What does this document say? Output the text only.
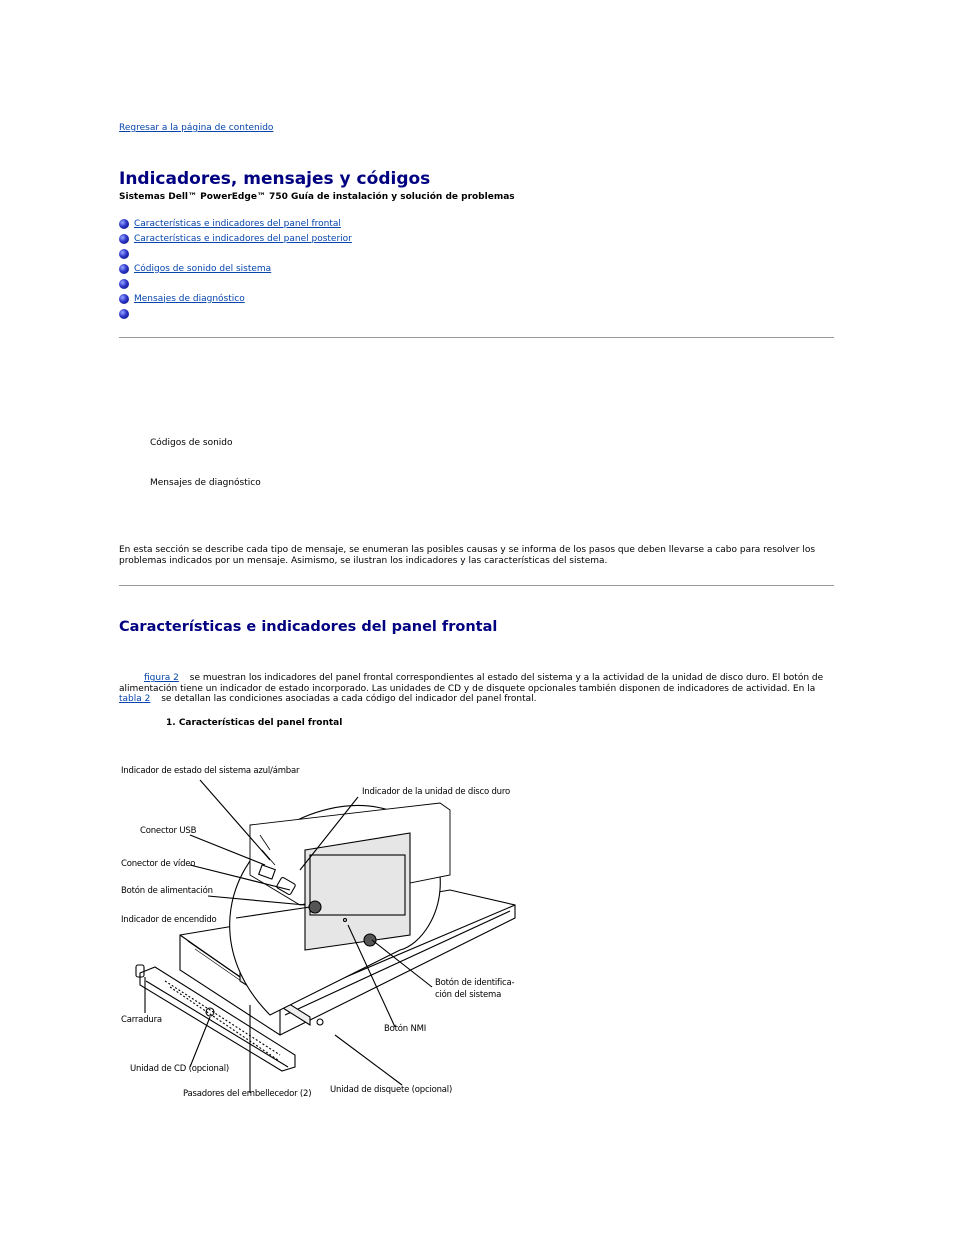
Regresar a la página de contenido
Indicadores, mensajes y códigos
Sistemas Dell™ PowerEdge™ 750 Guía de instalación y solución de problemas
Características e indicadores del panel frontal
Características e indicadores del panel posterior
Códigos de sonido del sistema
Mensajes de diagnóstico
Códigos de sonido
Mensajes de diagnóstico

En esta sección se describe cada tipo de mensaje, se enumeran las posibles causas y se informa de los pasos que deben llevarse a cabo para resolver los problemas indicados por un mensaje. Asimismo, se ilustran los indicadores y las características del sistema.

Características e indicadores del panel frontal

figura 2 se muestran los indicadores del panel frontal correspondientes al estado del sistema y a la actividad de la unidad de disco duro. El botón de alimentación tiene un indicador de estado incorporado. Las unidades de CD y de disquete opcionales también disponen de indicadores de actividad. En la tabla 2 se detallan las condiciones asociadas a cada código del indicador del panel frontal.

1. Características del panel frontal
Indicador de estado del sistema azul/ámbar
Indicador de la unidad de disco duro
Conector USB
Conector de vídeo
Botón de alimentación
Indicador de encendido
Botón de identifica-
ción del sistema
Carradura
Botón NMI
Unidad de CD (opcional)
Unidad de disquete (opcional)
Pasadores del embellecedor (2)
